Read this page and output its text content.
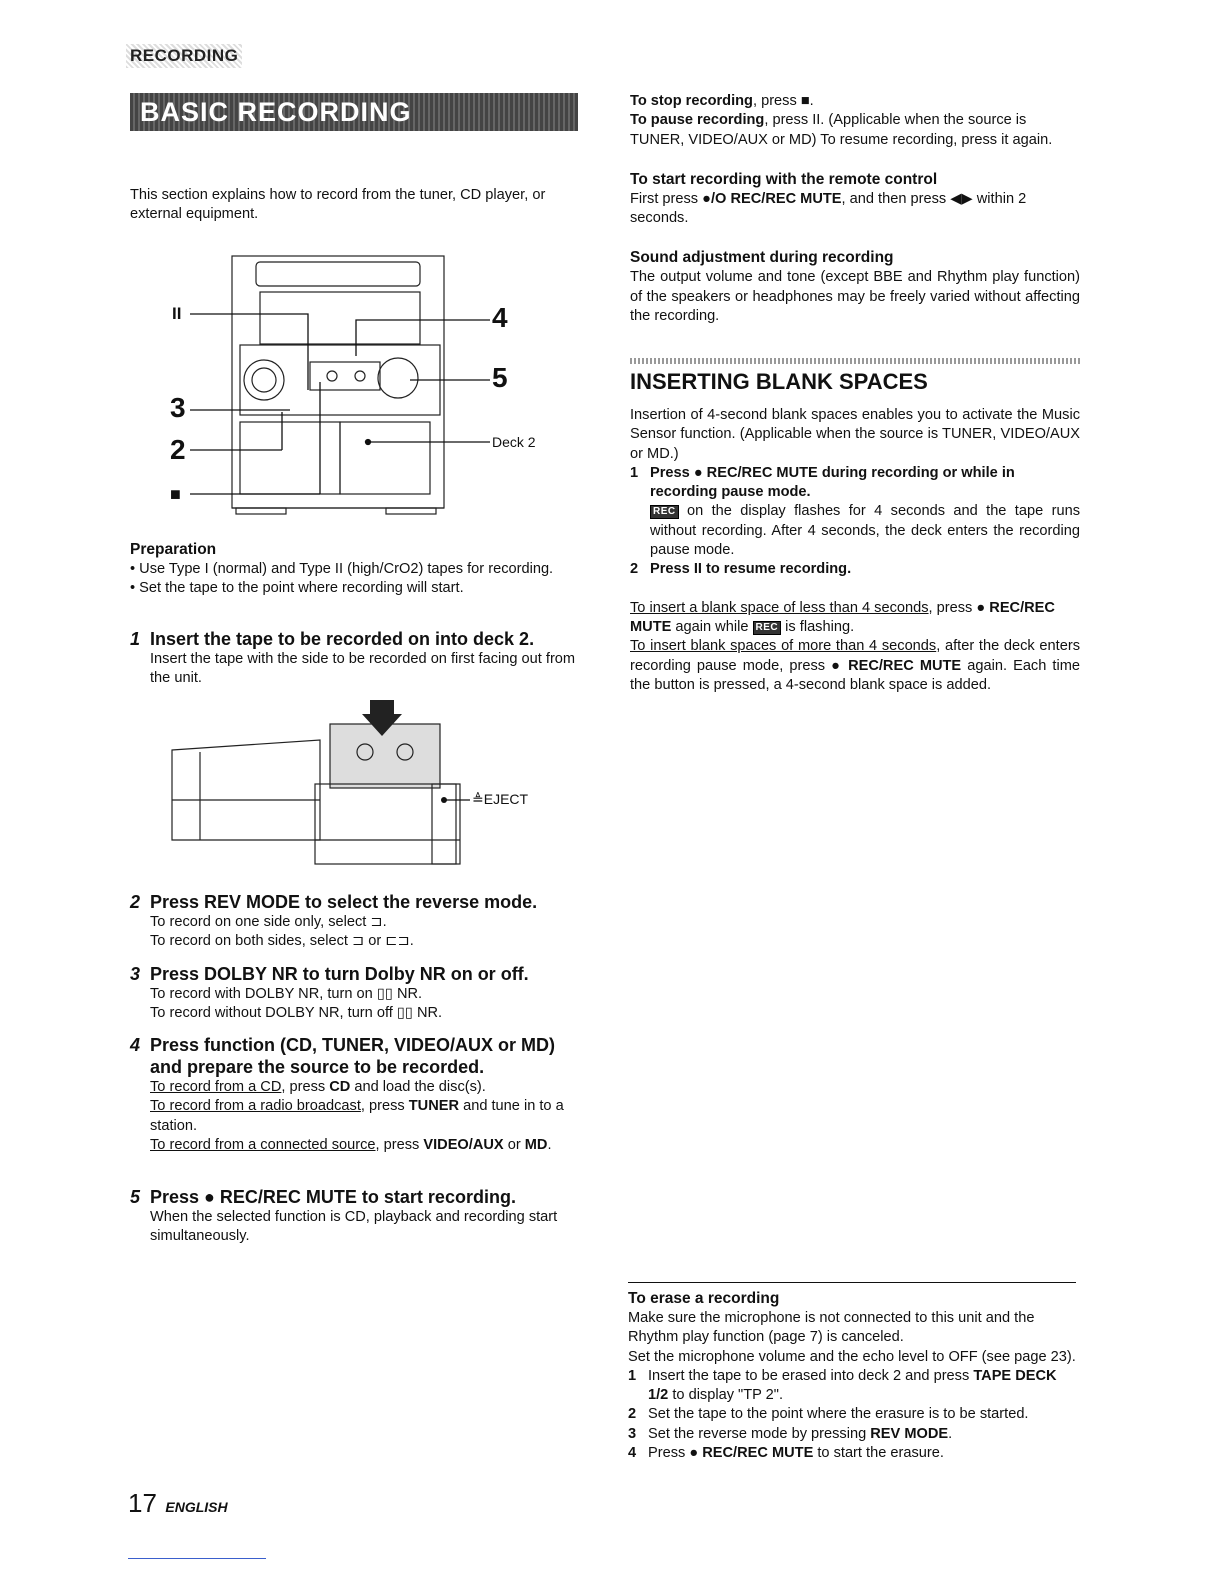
RECORDING
BASIC RECORDING

This section explains how to record from the tuner, CD player, or external equipment.

II
3
2
■
4
5
Deck 2

Preparation

• Use Type I (normal) and Type II (high/CrO2) tapes for recording.

• Set the tape to the point where recording will start.

1 Insert the tape to be recorded on into deck 2.

Insert the tape with the side to be recorded on first facing out from the unit.

≜EJECT

2 Press REV MODE to select the reverse mode.

To record on one side only, select ⊐.

To record on both sides, select ⊐ or ⊏⊐.

3 Press DOLBY NR to turn Dolby NR on or off.

To record with DOLBY NR, turn on ▯▯ NR.

To record without DOLBY NR, turn off ▯▯ NR.

4 Press function (CD, TUNER, VIDEO/AUX or MD) and prepare the source to be recorded.

To record from a CD, press CD and load the disc(s).

To record from a radio broadcast, press TUNER and tune in to a station.

To record from a connected source, press VIDEO/AUX or MD.

5 Press ● REC/REC MUTE to start recording.

When the selected function is CD, playback and recording start simultaneously.

To stop recording, press ■.

To pause recording, press II. (Applicable when the source is TUNER, VIDEO/AUX or MD) To resume recording, press it again.

To start recording with the remote control

First press ●/O REC/REC MUTE, and then press ◀▶ within 2 seconds.

Sound adjustment during recording

The output volume and tone (except BBE and Rhythm play function) of the speakers or headphones may be freely varied without affecting the recording.

INSERTING BLANK SPACES

Insertion of 4-second blank spaces enables you to activate the Music Sensor function. (Applicable when the source is TUNER, VIDEO/AUX or MD.)

1 Press ● REC/REC MUTE during recording or while in recording pause mode.
REC on the display flashes for 4 seconds and the tape runs without recording. After 4 seconds, the deck enters the recording pause mode.
2 Press II to resume recording.

To insert a blank space of less than 4 seconds, press ● REC/REC MUTE again while REC is flashing.

To insert blank spaces of more than 4 seconds, after the deck enters recording pause mode, press ● REC/REC MUTE again. Each time the button is pressed, a 4-second blank space is added.

To erase a recording

Make sure the microphone is not connected to this unit and the Rhythm play function (page 7) is canceled.

Set the microphone volume and the echo level to OFF (see page 23).

1 Insert the tape to be erased into deck 2 and press TAPE DECK 1/2 to display "TP 2".
2 Set the tape to the point where the erasure is to be started.
3 Set the reverse mode by pressing REV MODE.
4 Press ● REC/REC MUTE to start the erasure.
17 ENGLISH
